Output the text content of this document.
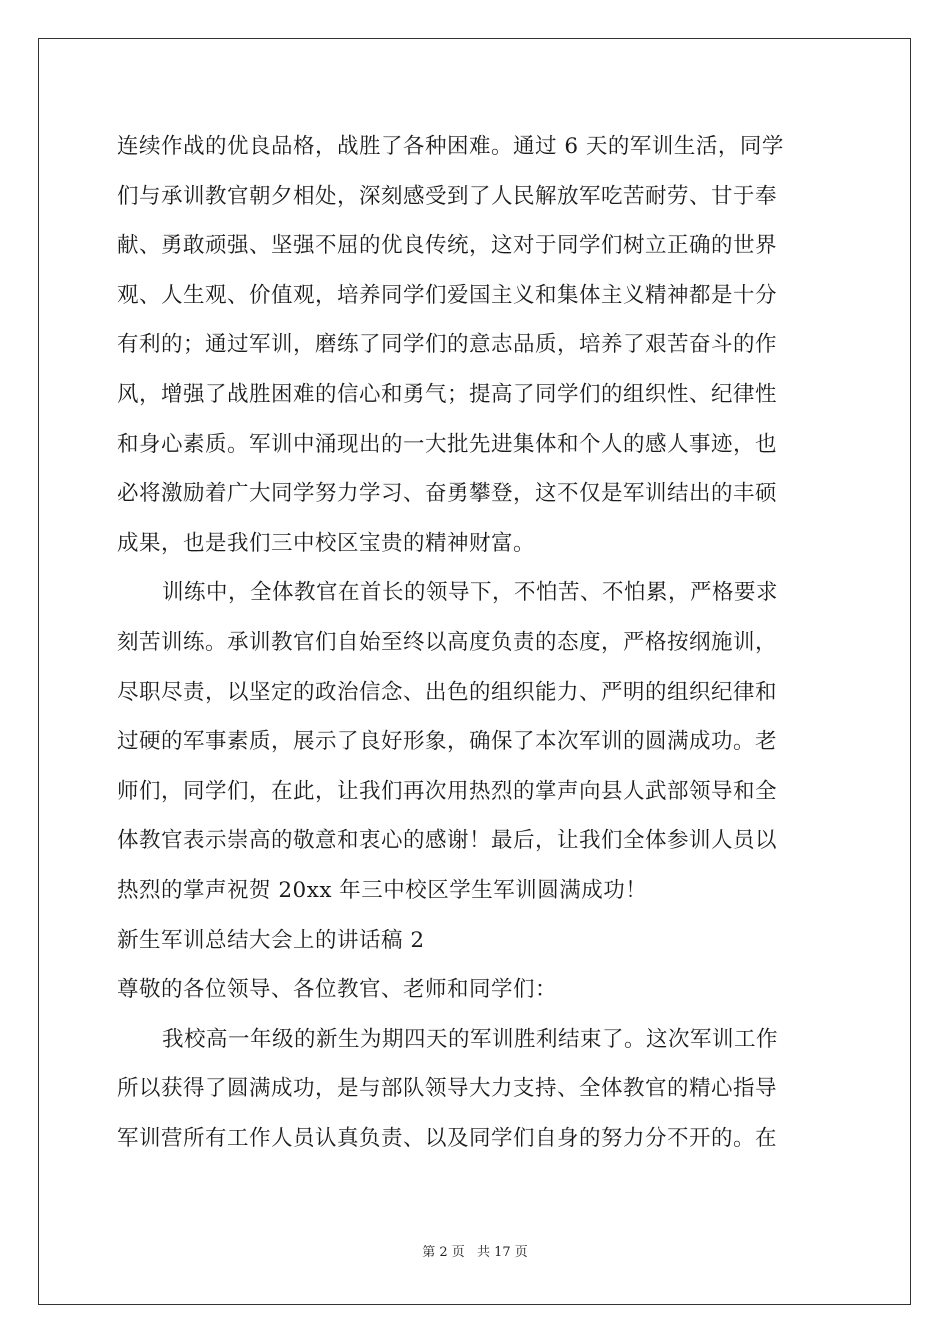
连续作战的优良品格，战胜了各种困难。通过 6 天的军训生活，同学
们与承训教官朝夕相处，深刻感受到了人民解放军吃苦耐劳、甘于奉
献、勇敢顽强、坚强不屈的优良传统，这对于同学们树立正确的世界
观、人生观、价值观，培养同学们爱国主义和集体主义精神都是十分
有利的；通过军训，磨练了同学们的意志品质，培养了艰苦奋斗的作
风，增强了战胜困难的信心和勇气；提高了同学们的组织性、纪律性
和身心素质。军训中涌现出的一大批先进集体和个人的感人事迹，也
必将激励着广大同学努力学习、奋勇攀登，这不仅是军训结出的丰硕
成果，也是我们三中校区宝贵的精神财富。
训练中，全体教官在首长的领导下，不怕苦、不怕累，严格要求
刻苦训练。承训教官们自始至终以高度负责的态度，严格按纲施训，
尽职尽责，以坚定的政治信念、出色的组织能力、严明的组织纪律和
过硬的军事素质，展示了良好形象，确保了本次军训的圆满成功。老
师们，同学们，在此，让我们再次用热烈的掌声向县人武部领导和全
体教官表示崇高的敬意和衷心的感谢！最后，让我们全体参训人员以
热烈的掌声祝贺 20xx 年三中校区学生军训圆满成功！
新生军训总结大会上的讲话稿 2
尊敬的各位领导、各位教官、老师和同学们：
我校高一年级的新生为期四天的军训胜利结束了。这次军训工作
所以获得了圆满成功，是与部队领导大力支持、全体教官的精心指导
军训营所有工作人员认真负责、以及同学们自身的努力分不开的。在
第 2 页 共 17 页
